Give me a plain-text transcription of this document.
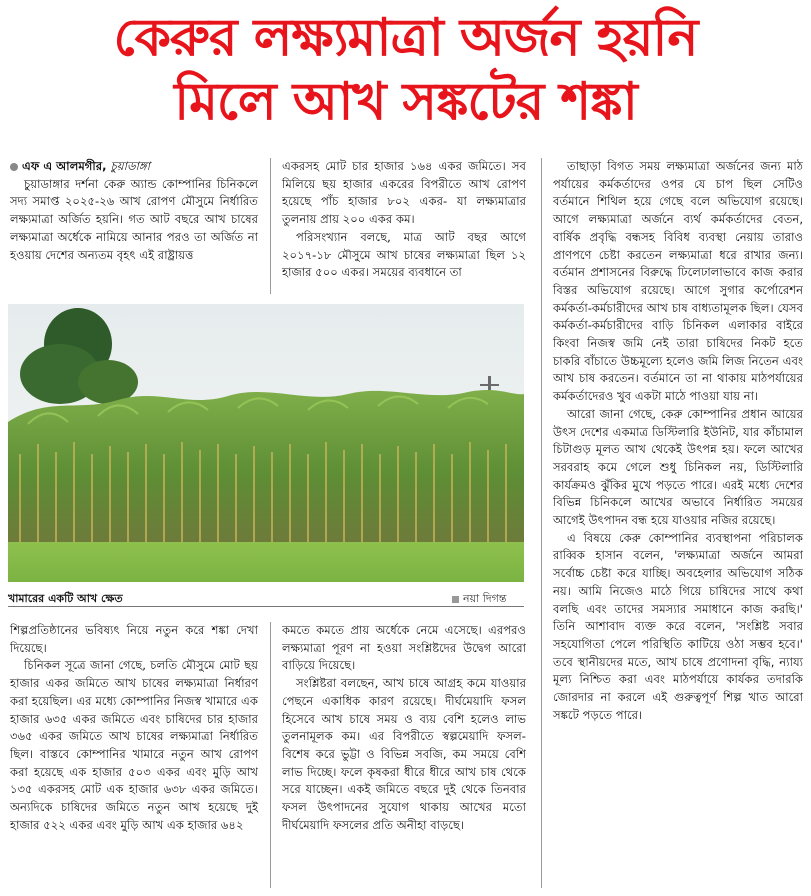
কেরুর লক্ষ্যমাত্রা অর্জন হয়নি
মিলে আখ সঙ্কটের শঙ্কা

এফ এ আলমগীর, চুয়াডাঙ্গা

চুয়াডাঙ্গার দর্শনা কেরু অ্যান্ড কোম্পানির চিনিকলে সদ্য সমাপ্ত ২০২৫-২৬ আখ রোপণ মৌসুমে নির্ধারিত লক্ষ্যমাত্রা অর্জিত হয়নি। গত আট বছরে আখ চাষের লক্ষ্যমাত্রা অর্ধেকে নামিয়ে আনার পরও তা অর্জিত না হওয়ায় দেশের অন্যতম বৃহৎ এই রাষ্ট্রায়ত্ত

একরসহ মোট চার হাজার ১৬৪ একর জমিতে। সব মিলিয়ে ছয় হাজার একরের বিপরীতে আখ রোপণ হয়েছে পাঁচ হাজার ৮০২ একর- যা লক্ষ্যমাত্রার তুলনায় প্রায় ২০০ একর কম।

পরিসংখ্যান বলছে, মাত্র আট বছর আগে ২০১৭-১৮ মৌসুমে আখ চাষের লক্ষ্যমাত্রা ছিল ১২ হাজার ৫০০ একর। সময়ের ব্যবধানে তা

খামারের একটি আখ ক্ষেত	নয়া দিগন্ত

শিল্পপ্রতিষ্ঠানের ভবিষ্যৎ নিয়ে নতুন করে শঙ্কা দেখা দিয়েছে।

চিনিকল সূত্রে জানা গেছে, চলতি মৌসুমে মোট ছয় হাজার একর জমিতে আখ চাষের লক্ষ্যমাত্রা নির্ধারণ করা হয়েছিল। এর মধ্যে কোম্পানির নিজস্ব খামারে এক হাজার ৬৩৫ একর জমিতে এবং চাষিদের চার হাজার ৩৬৫ একর জমিতে আখ চাষের লক্ষ্যমাত্রা নির্ধারিত ছিল। বাস্তবে কোম্পানির খামারে নতুন আখ রোপণ করা হয়েছে এক হাজার ৫০৩ একর এবং মুড়ি আখ ১৩৫ একরসহ মোট এক হাজার ৬৩৮ একর জমিতে। অন্যদিকে চাষিদের জমিতে নতুন আখ হয়েছে দুই হাজার ৫২২ একর এবং মুড়ি আখ এক হাজার ৬৪২

কমতে কমতে প্রায় অর্ধেকে নেমে এসেছে। এরপরও লক্ষ্যমাত্রা পূরণ না হওয়া সংশ্লিষ্টদের উদ্বেগ আরো বাড়িয়ে দিয়েছে।

সংশ্লিষ্টরা বলছেন, আখ চাষে আগ্রহ কমে যাওয়ার পেছনে একাধিক কারণ রয়েছে। দীর্ঘমেয়াদি ফসল হিসেবে আখ চাষে সময় ও ব্যয় বেশি হলেও লাভ তুলনামূলক কম। এর বিপরীতে স্বল্পমেয়াদি ফসল- বিশেষ করে ভুট্টা ও বিভিন্ন সবজি, কম সময়ে বেশি লাভ দিচ্ছে। ফলে কৃষকরা ধীরে ধীরে আখ চাষ থেকে সরে যাচ্ছেন। একই জমিতে বছরে দুই থেকে তিনবার ফসল উৎপাদনের সুযোগ থাকায় আখের মতো দীর্ঘমেয়াদি ফসলের প্রতি অনীহা বাড়ছে।

তাছাড়া বিগত সময় লক্ষ্যমাত্রা অর্জনের জন্য মাঠ পর্যায়ের কর্মকর্তাদের ওপর যে চাপ ছিল সেটিও বর্তমানে শিথিল হয়ে গেছে বলে অভিযোগ রয়েছে। আগে লক্ষ্যমাত্রা অর্জনে ব্যর্থ কর্মকর্তাদের বেতন, বার্ষিক প্রবৃদ্ধি বন্ধসহ বিবিধ ব্যবস্থা নেয়ায় তারাও প্রাণপণে চেষ্টা করতেন লক্ষ্যমাত্রা ধরে রাখার জন্য। বর্তমান প্রশাসনের বিরুদ্ধে ঢিলেঢালাভাবে কাজ করার বিস্তর অভিযোগ রয়েছে। আগে সুগার কর্পোরেশন কর্মকর্তা-কর্মচারীদের আখ চাষ বাধ্যতামূলক ছিল। যেসব কর্মকর্তা-কর্মচারীদের বাড়ি চিনিকল এলাকার বাইরে কিংবা নিজস্ব জমি নেই তারা চাষিদের নিকট হতে চাকরি বাঁচাতে উচ্চমূল্যে হলেও জমি লিজ নিতেন এবং আখ চাষ করতেন। বর্তমানে তা না থাকায় মাঠপর্যায়ের কর্মকর্তাদেরও খুব একটা মাঠে পাওয়া যায় না।

আরো জানা গেছে, কেরু কোম্পানির প্রধান আয়ের উৎস দেশের একমাত্র ডিস্টিলারি ইউনিট, যার কাঁচামাল চিটাগুড় মূলত আখ থেকেই উৎপন্ন হয়। ফলে আখের সরবরাহ কমে গেলে শুধু চিনিকল নয়, ডিস্টিলারি কার্যক্রমও ঝুঁকির মুখে পড়তে পারে। এরই মধ্যে দেশের বিভিন্ন চিনিকলে আখের অভাবে নির্ধারিত সময়ের আগেই উৎপাদন বন্ধ হয়ে যাওয়ার নজির রয়েছে।

এ বিষয়ে কেরু কোম্পানির ব্যবস্থাপনা পরিচালক রাব্বিক হাসান বলেন, 'লক্ষ্যমাত্রা অর্জনে আমরা সর্বোচ্চ চেষ্টা করে যাচ্ছি। অবহেলার অভিযোগ সঠিক নয়। আমি নিজেও মাঠে গিয়ে চাষিদের সাথে কথা বলছি এবং তাদের সমস্যার সমাধানে কাজ করছি।' তিনি আশাবাদ ব্যক্ত করে বলেন, 'সংশ্লিষ্ট সবার সহযোগিতা পেলে পরিস্থিতি কাটিয়ে ওঠা সম্ভব হবে।' তবে স্থানীয়দের মতে, আখ চাষে প্রণোদনা বৃদ্ধি, ন্যায্য মূল্য নিশ্চিত করা এবং মাঠপর্যায়ে কার্যকর তদারকি জোরদার না করলে এই গুরুত্বপূর্ণ শিল্প খাত আরো সঙ্কটে পড়তে পারে।
